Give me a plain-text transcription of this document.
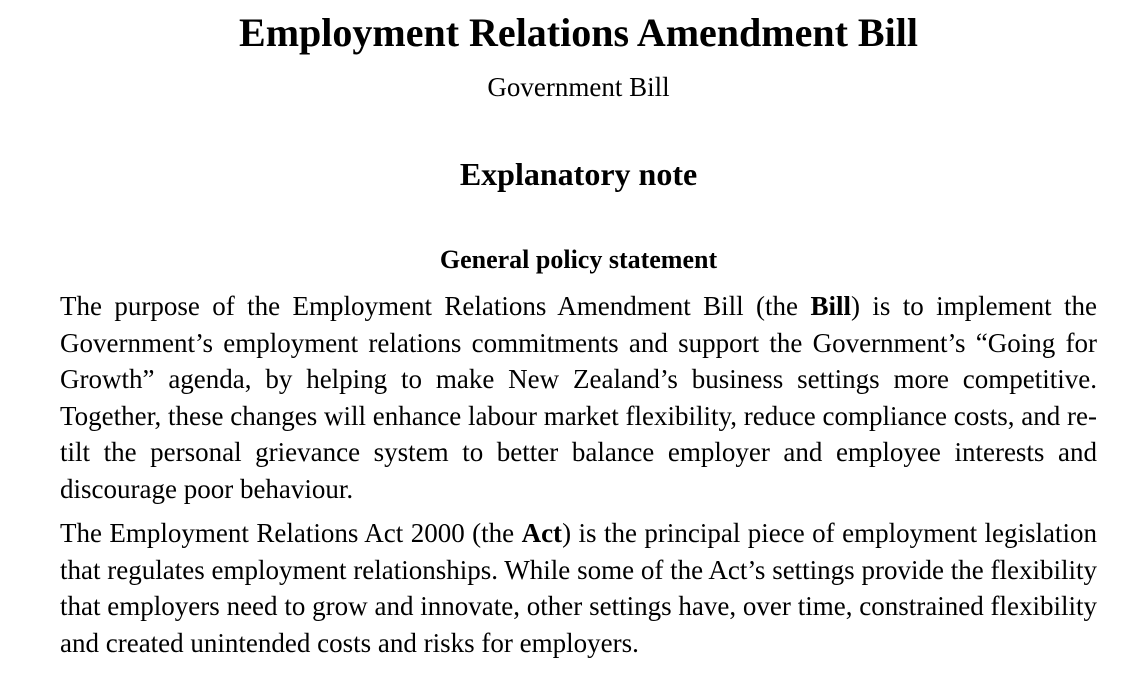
Employment Relations Amendment Bill
Government Bill
Explanatory note
General policy statement

The purpose of the Employment Relations Amendment Bill (the Bill) is to implement the Government’s employment relations commitments and support the Government’s “Going for Growth” agenda, by helping to make New Zealand’s business settings more competitive. Together, these changes will enhance labour market flexibility, reduce compliance costs, and re-tilt the personal grievance system to better balance employer and employee interests and discourage poor behaviour.

The Employment Relations Act 2000 (the Act) is the principal piece of employment legislation that regulates employment relationships. While some of the Act’s settings provide the flexibility that employers need to grow and innovate, other settings have, over time, constrained flexibility and created unintended costs and risks for employers.
